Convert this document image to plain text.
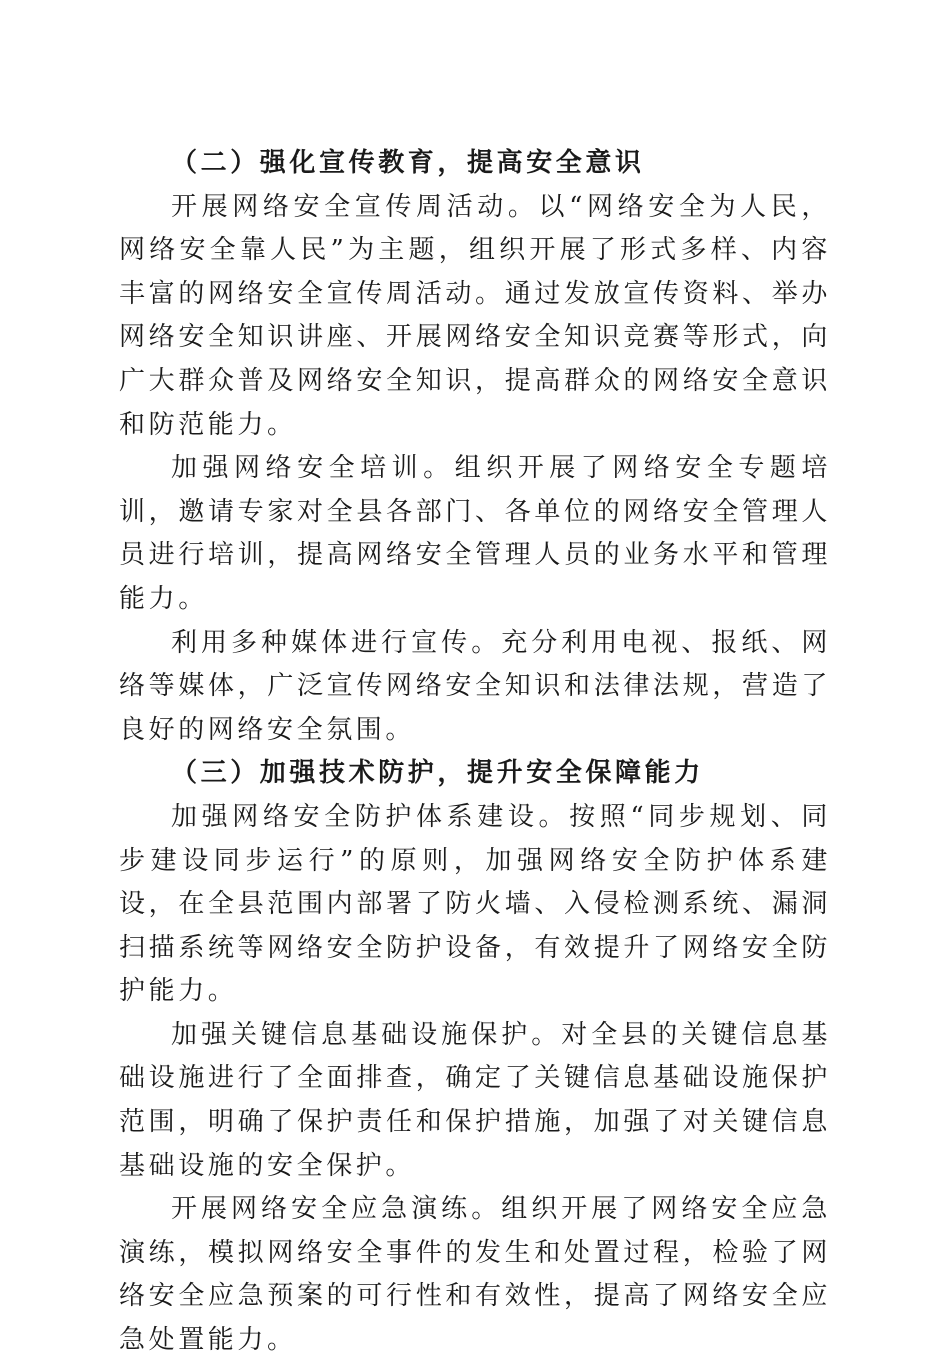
（二）强化宣传教育，提高安全意识

开展网络安全宣传周活动。以“网络安全为人民，网络安全靠人民”为主题，组织开展了形式多样、内容丰富的网络安全宣传周活动。通过发放宣传资料、举办网络安全知识讲座、开展网络安全知识竞赛等形式，向广大群众普及网络安全知识，提高群众的网络安全意识和防范能力。

加强网络安全培训。组织开展了网络安全专题培训，邀请专家对全县各部门、各单位的网络安全管理人员进行培训，提高网络安全管理人员的业务水平和管理能力。

利用多种媒体进行宣传。充分利用电视、报纸、网络等媒体，广泛宣传网络安全知识和法律法规，营造了良好的网络安全氛围。

（三）加强技术防护，提升安全保障能力

加强网络安全防护体系建设。按照“同步规划、同步建设同步运行”的原则，加强网络安全防护体系建设，在全县范围内部署了防火墙、入侵检测系统、漏洞扫描系统等网络安全防护设备，有效提升了网络安全防护能力。

加强关键信息基础设施保护。对全县的关键信息基础设施进行了全面排查，确定了关键信息基础设施保护范围，明确了保护责任和保护措施，加强了对关键信息基础设施的安全保护。

开展网络安全应急演练。组织开展了网络安全应急演练，模拟网络安全事件的发生和处置过程，检验了网络安全应急预案的可行性和有效性，提高了网络安全应急处置能力。
